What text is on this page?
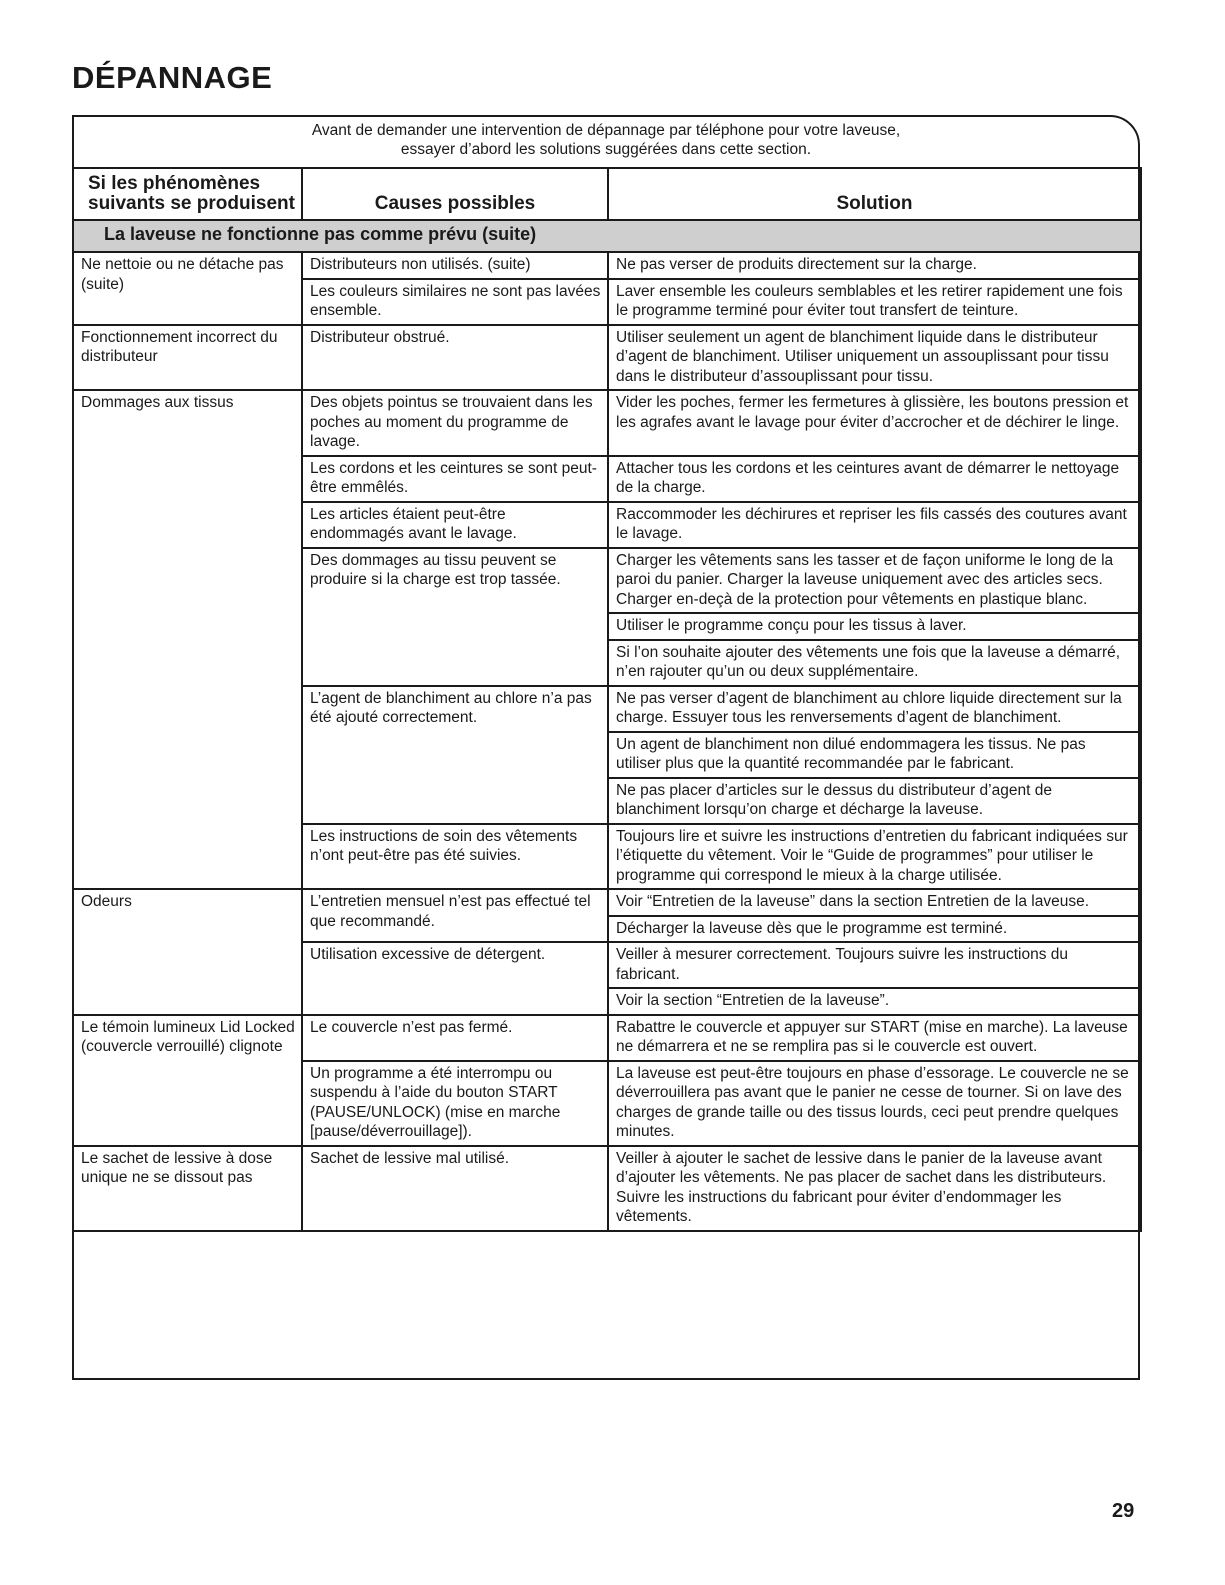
DÉPANNAGE
Avant de demander une intervention de dépannage par téléphone pour votre laveuse,
essayer d’abord les solutions suggérées dans cette section.
Si les phénomènes suivants se produisent	Causes possibles	Solution
La laveuse ne fonctionne pas comme prévu (suite)		
Ne nettoie ou ne détache pas (suite)	Distributeurs non utilisés. (suite)	Ne pas verser de produits directement sur la charge.
	Les couleurs similaires ne sont pas lavées ensemble.	Laver ensemble les couleurs semblables et les retirer rapidement une fois le programme terminé pour éviter tout transfert de teinture.
Fonctionnement incorrect du distributeur	Distributeur obstrué.	Utiliser seulement un agent de blanchiment liquide dans le distributeur d’agent de blanchiment. Utiliser uniquement un assouplissant pour tissu dans le distributeur d’assouplissant pour tissu.
Dommages aux tissus	Des objets pointus se trouvaient dans les poches au moment du programme de lavage.	Vider les poches, fermer les fermetures à glissière, les boutons pression et les agrafes avant le lavage pour éviter d’accrocher et de déchirer le linge.
	Les cordons et les ceintures se sont peut-être emmêlés.	Attacher tous les cordons et les ceintures avant de démarrer le nettoyage de la charge.
	Les articles étaient peut-être endommagés avant le lavage.	Raccommoder les déchirures et repriser les fils cassés des coutures avant le lavage.
	Des dommages au tissu peuvent se produire si la charge est trop tassée.	Charger les vêtements sans les tasser et de façon uniforme le long de la paroi du panier. Charger la laveuse uniquement avec des articles secs. Charger en-deçà de la protection pour vêtements en plastique blanc.
		Utiliser le programme conçu pour les tissus à laver.
		Si l’on souhaite ajouter des vêtements une fois que la laveuse a démarré, n’en rajouter qu’un ou deux supplémentaire.
	L’agent de blanchiment au chlore n’a pas été ajouté correctement.	Ne pas verser d’agent de blanchiment au chlore liquide directement sur la charge. Essuyer tous les renversements d’agent de blanchiment.
		Un agent de blanchiment non dilué endommagera les tissus. Ne pas utiliser plus que la quantité recommandée par le fabricant.
		Ne pas placer d’articles sur le dessus du distributeur d’agent de blanchiment lorsqu’on charge et décharge la laveuse.
	Les instructions de soin des vêtements n’ont peut-être pas été suivies.	Toujours lire et suivre les instructions d’entretien du fabricant indiquées sur l’étiquette du vêtement. Voir le “Guide de programmes” pour utiliser le programme qui correspond le mieux à la charge utilisée.
Odeurs	L’entretien mensuel n’est pas effectué tel que recommandé.	Voir “Entretien de la laveuse” dans la section Entretien de la laveuse.
		Décharger la laveuse dès que le programme est terminé.
	Utilisation excessive de détergent.	Veiller à mesurer correctement. Toujours suivre les instructions du fabricant.
		Voir la section “Entretien de la laveuse”.
Le témoin lumineux Lid Locked (couvercle verrouillé) clignote	Le couvercle n’est pas fermé.	Rabattre le couvercle et appuyer sur START (mise en marche). La laveuse ne démarrera et ne se remplira pas si le couvercle est ouvert.
	Un programme a été interrompu ou suspendu à l’aide du bouton START (PAUSE/UNLOCK) (mise en marche [pause/déverrouillage]).	La laveuse est peut-être toujours en phase d’essorage. Le couvercle ne se déverrouillera pas avant que le panier ne cesse de tourner. Si on lave des charges de grande taille ou des tissus lourds, ceci peut prendre quelques minutes.
Le sachet de lessive à dose unique ne se dissout pas	Sachet de lessive mal utilisé.	Veiller à ajouter le sachet de lessive dans le panier de la laveuse avant d’ajouter les vêtements. Ne pas placer de sachet dans les distributeurs. Suivre les instructions du fabricant pour éviter d’endommager les vêtements.
29
